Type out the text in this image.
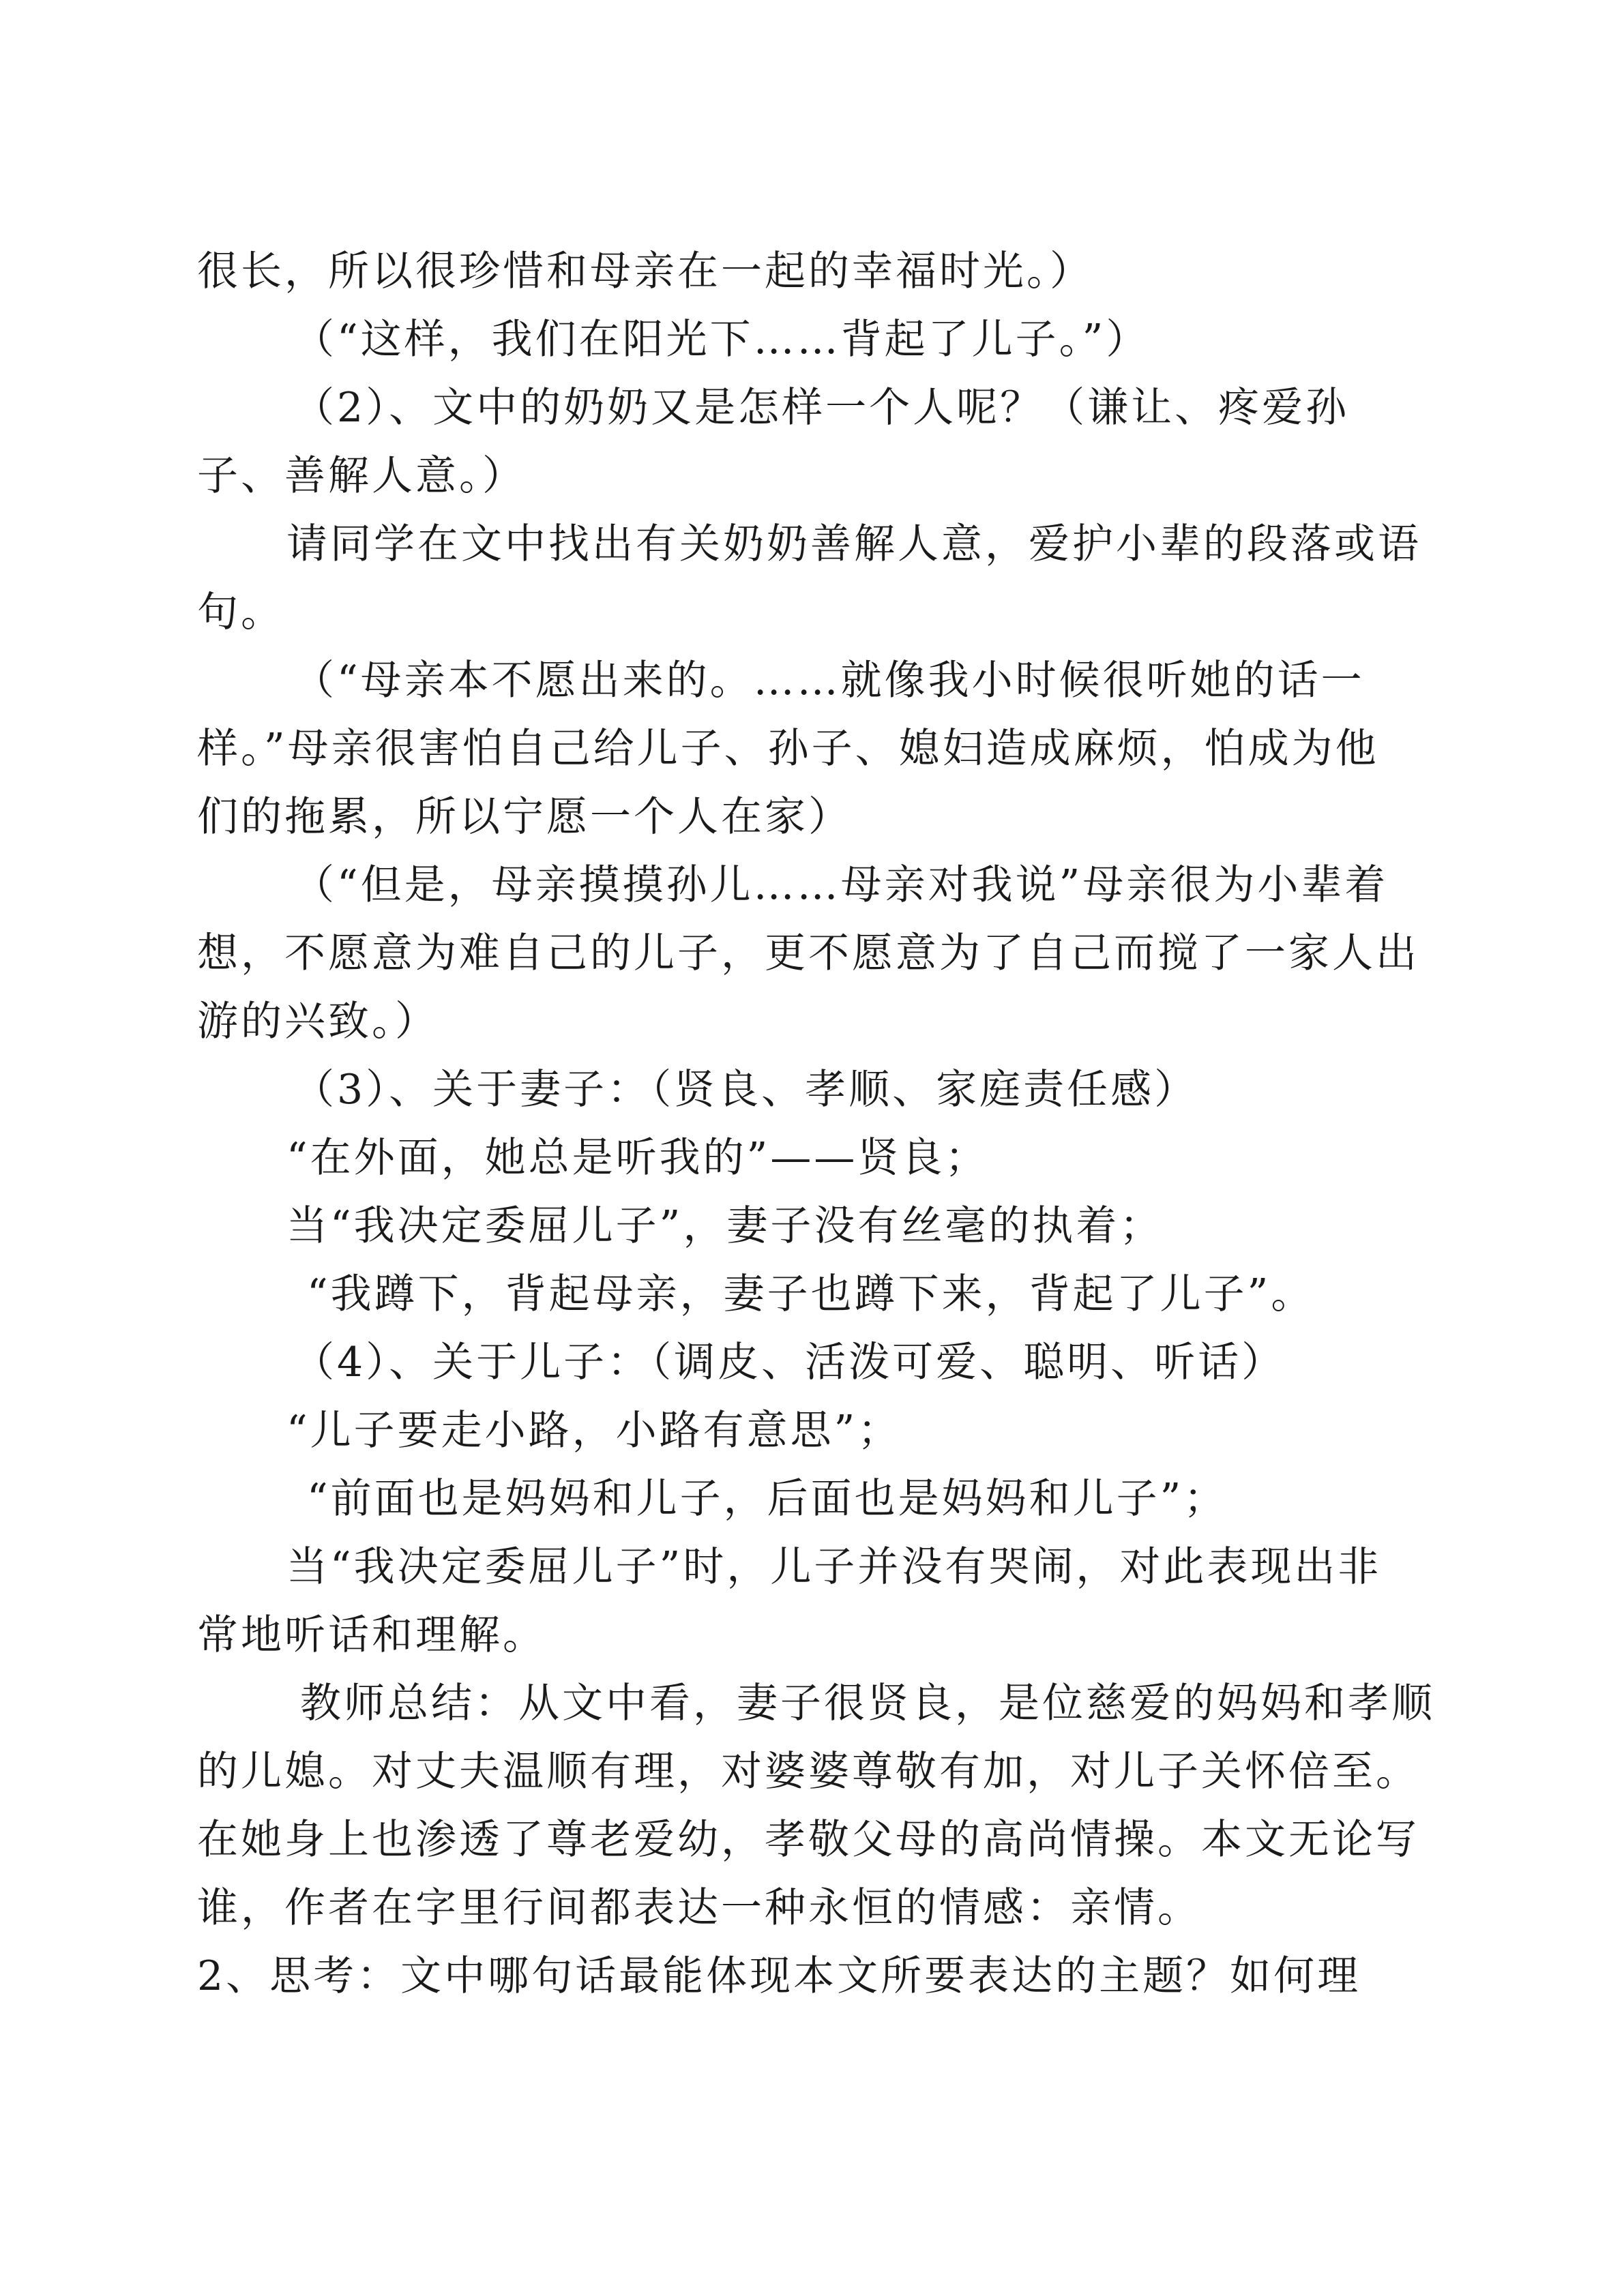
很长，所以很珍惜和母亲在一起的幸福时光。）
（“这样，我们在阳光下……背起了儿子。”）
（2）、文中的奶奶又是怎样一个人呢？（谦让、疼爱孙
子、善解人意。）
请同学在文中找出有关奶奶善解人意，爱护小辈的段落或语
句。
（“母亲本不愿出来的。……就像我小时候很听她的话一
样。”母亲很害怕自己给儿子、孙子、媳妇造成麻烦，怕成为他
们的拖累，所以宁愿一个人在家）
（“但是，母亲摸摸孙儿……母亲对我说”母亲很为小辈着
想，不愿意为难自己的儿子，更不愿意为了自己而搅了一家人出
游的兴致。）
（3）、关于妻子：（贤良、孝顺、家庭责任感）
“在外面，她总是听我的”——贤良；
当“我决定委屈儿子”，妻子没有丝毫的执着；
“我蹲下，背起母亲，妻子也蹲下来，背起了儿子”。
（4）、关于儿子：（调皮、活泼可爱、聪明、听话）
“儿子要走小路，小路有意思”；
“前面也是妈妈和儿子，后面也是妈妈和儿子”；
当“我决定委屈儿子”时，儿子并没有哭闹，对此表现出非
常地听话和理解。
教师总结：从文中看，妻子很贤良，是位慈爱的妈妈和孝顺
的儿媳。对丈夫温顺有理，对婆婆尊敬有加，对儿子关怀倍至。
在她身上也渗透了尊老爱幼，孝敬父母的高尚情操。本文无论写
谁，作者在字里行间都表达一种永恒的情感：亲情。
2、思考：文中哪句话最能体现本文所要表达的主题？如何理
